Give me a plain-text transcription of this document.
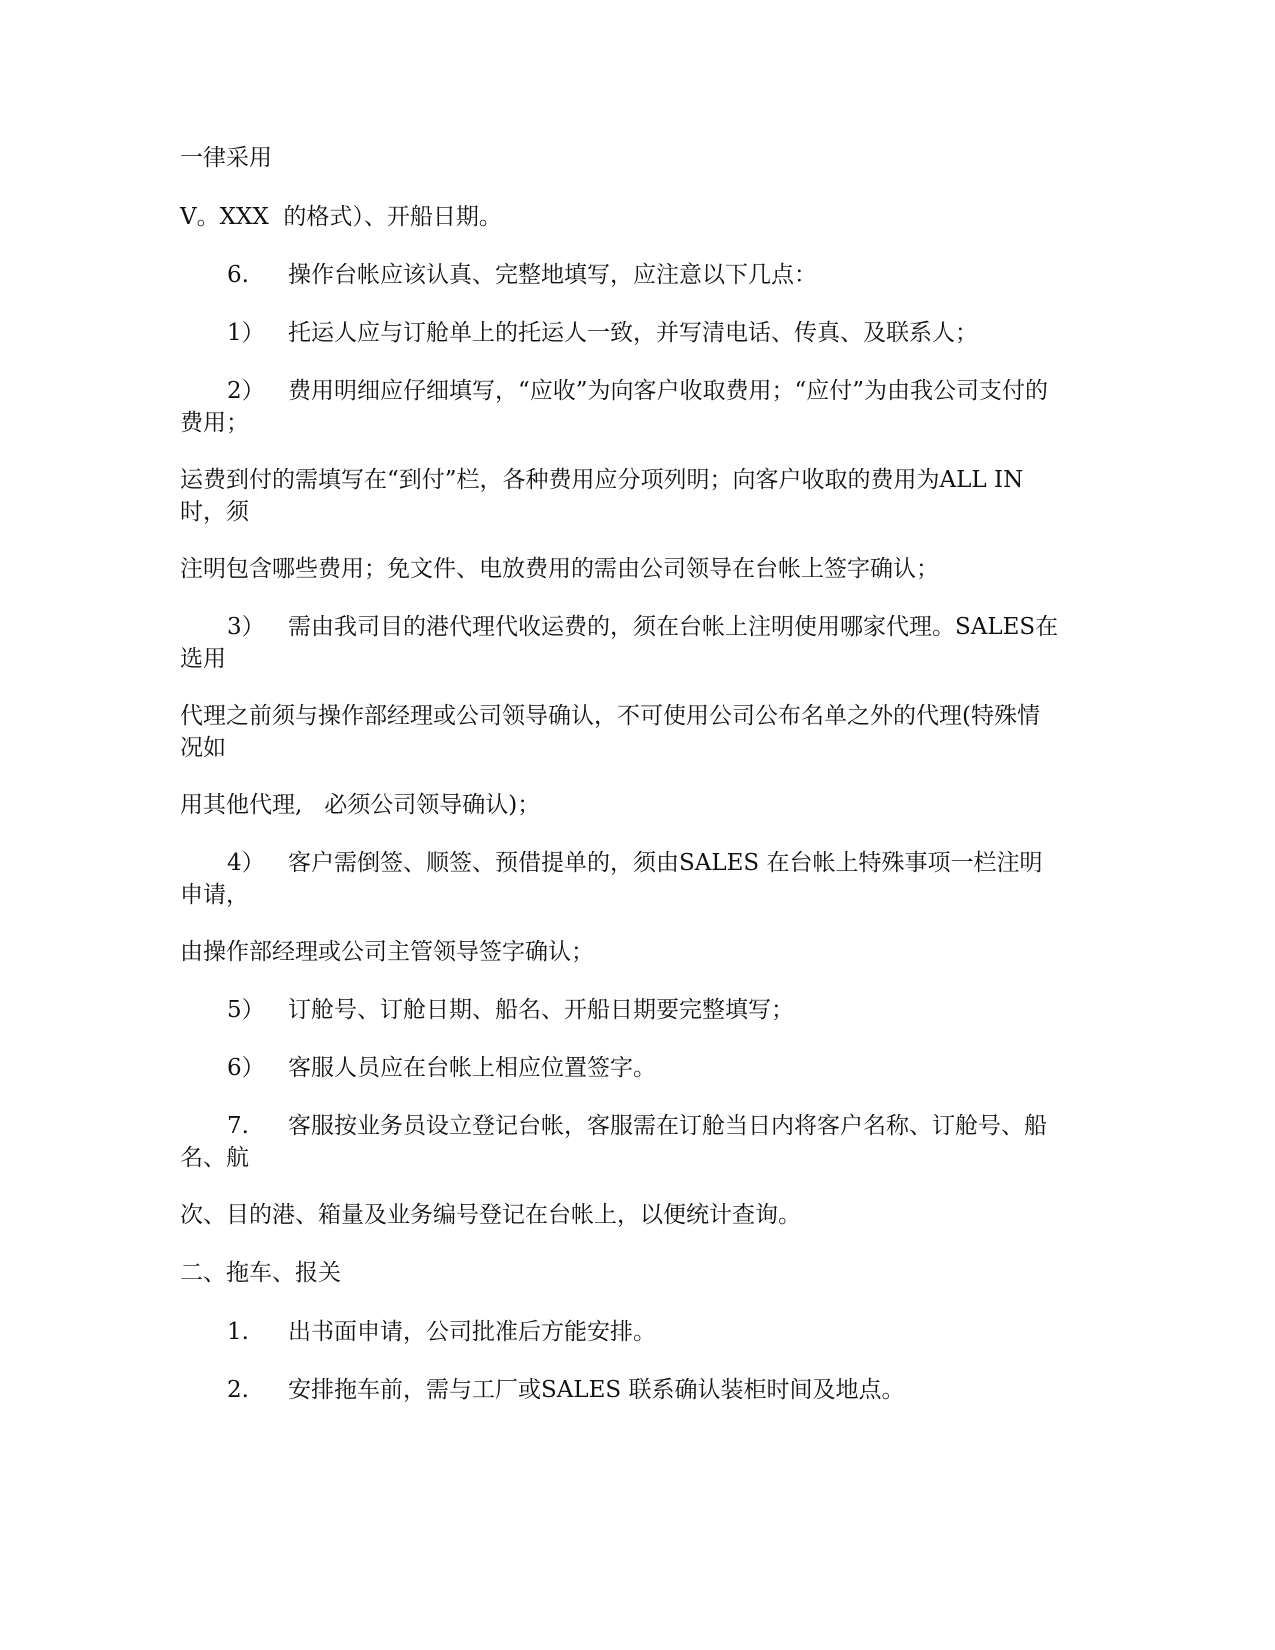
一律采用
V。XXX  的格式）、开船日期。
6.	操作台帐应该认真、完整地填写，应注意以下几点：
1）	托运人应与订舱单上的托运人一致，并写清电话、传真、及联系人；
2）	费用明细应仔细填写，“应收”为向客户收取费用；“应付”为由我公司支付的费用；
运费到付的需填写在“到付”栏，各种费用应分项列明；向客户收取的费用为ALL IN时，须
注明包含哪些费用；免文件、电放费用的需由公司领导在台帐上签字确认；
3）	需由我司目的港代理代收运费的，须在台帐上注明使用哪家代理。SALES在选用
代理之前须与操作部经理或公司领导确认，不可使用公司公布名单之外的代理(特殊情况如
用其他代理,   必须公司领导确认)；
4）	客户需倒签、顺签、预借提单的，须由SALES 在台帐上特殊事项一栏注明申请，
由操作部经理或公司主管领导签字确认；
5）	订舱号、订舱日期、船名、开船日期要完整填写；
6）	客服人员应在台帐上相应位置签字。
7.	客服按业务员设立登记台帐，客服需在订舱当日内将客户名称、订舱号、船名、航
次、目的港、箱量及业务编号登记在台帐上，以便统计查询。
二、拖车、报关
1.	出书面申请，公司批准后方能安排。
2.	安排拖车前，需与工厂或SALES 联系确认装柜时间及地点。
